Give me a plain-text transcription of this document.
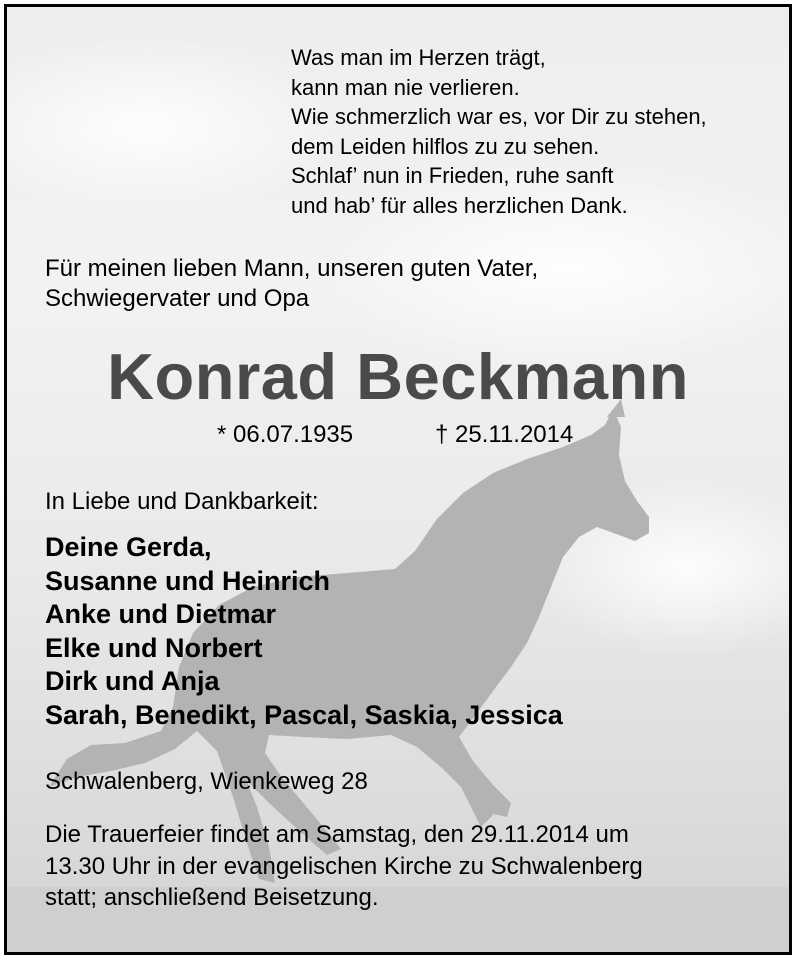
Was man im Herzen trägt,
kann man nie verlieren.
Wie schmerzlich war es, vor Dir zu stehen,
dem Leiden hilflos zu zu sehen.
Schlaf’ nun in Frieden, ruhe sanft
und hab’ für alles herzlichen Dank.
Für meinen lieben Mann, unseren guten Vater,
Schwiegervater und Opa
Konrad Beckmann
* 06.07.1935	† 25.11.2014
In Liebe und Dankbarkeit:
Deine Gerda,
Susanne und Heinrich
Anke und Dietmar
Elke und Norbert
Dirk und Anja
Sarah, Benedikt, Pascal, Saskia, Jessica
Schwalenberg, Wienkeweg 28
Die Trauerfeier findet am Samstag, den 29.11.2014 um
13.30 Uhr in der evangelischen Kirche zu Schwalenberg
statt; anschließend Beisetzung.
